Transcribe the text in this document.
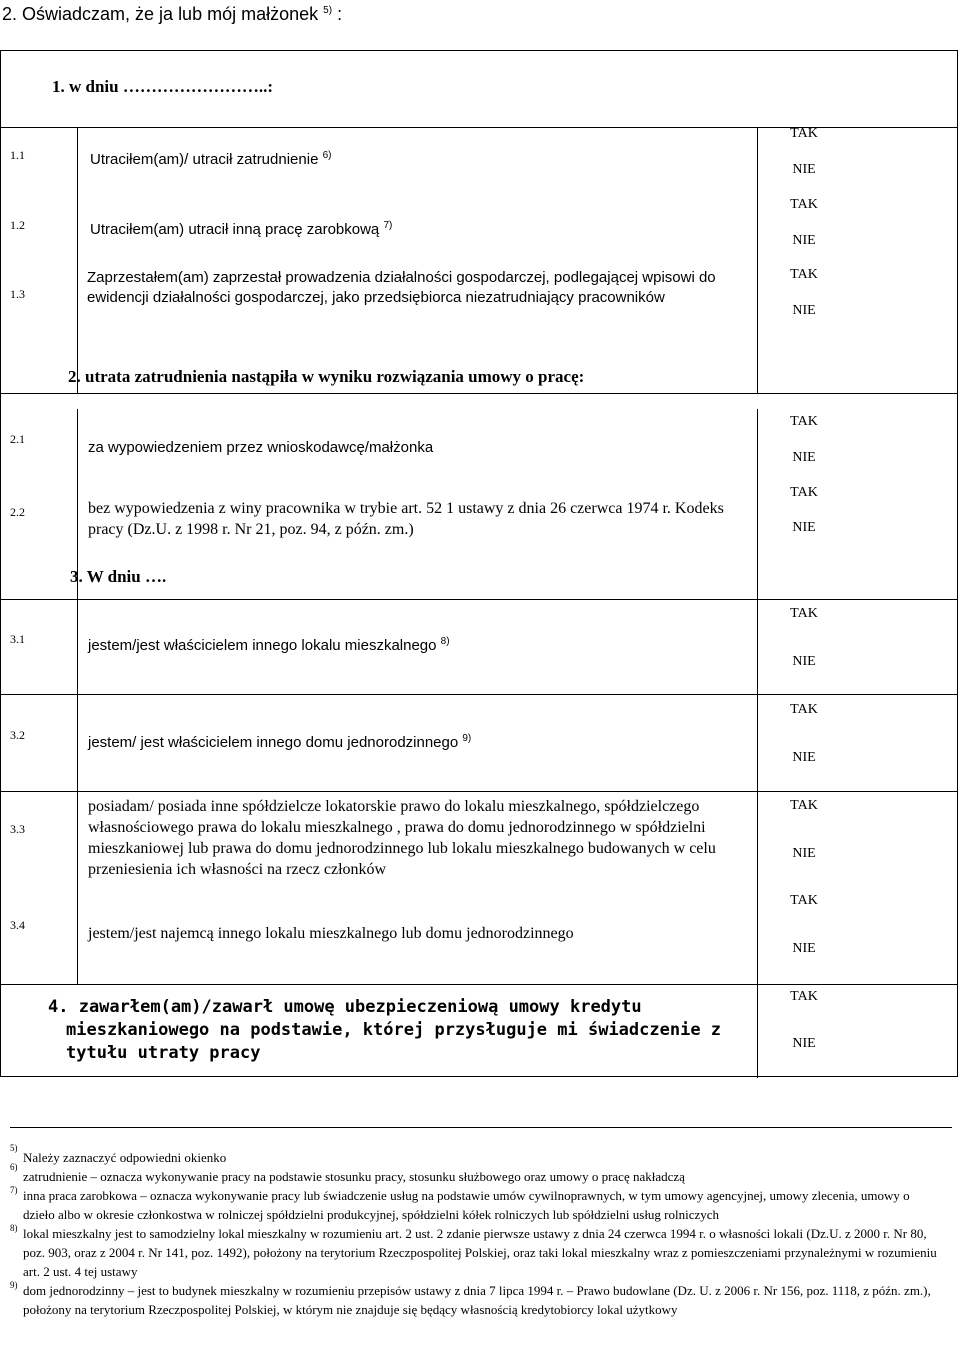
2. Oświadczam, że ja lub mój małżonek $^{5)}$ :
1. w dniu ……………………..:
1.1	Utraciłem(am)/ utracił zatrudnienie $^{6)}$
TAK
NIE
1.2	Utraciłem(am) utracił inną pracę zarobkową $^{7)}$
TAK
NIE
1.3
Zaprzestałem(am) zaprzestał prowadzenia działalności gospodarczej, podlegającej wpisowi do ewidencji działalności gospodarczej, jako przedsiębiorca niezatrudniający pracowników
TAK
NIE
2. utrata zatrudnienia nastąpiła w wyniku rozwiązania umowy o pracę:
2.1	za wypowiedzeniem przez wnioskodawcę/małżonka
TAK
NIE
2.2	bez wypowiedzenia z winy pracownika w trybie art. 52 1 ustawy z dnia 26 czerwca 1974 r. Kodeks pracy (Dz.U. z 1998 r. Nr 21, poz. 94, z późn. zm.)
TAK
NIE
3. W dniu ….
3.1	jestem/jest właścicielem innego lokalu mieszkalnego $^{8)}$
TAK
NIE
3.2	jestem/ jest właścicielem innego domu jednorodzinnego $^{9)}$
TAK
NIE
3.3
posiadam/ posiada inne spółdzielcze lokatorskie prawo do lokalu mieszkalnego, spółdzielczego własnościowego prawa do lokalu mieszkalnego , prawa do domu jednorodzinnego w spółdzielni mieszkaniowej lub prawa do domu jednorodzinnego lub lokalu mieszkalnego budowanych w celu przeniesienia ich własności na rzecz członków
TAK
NIE
3.4	jestem/jest najemcą innego lokalu mieszkalnego lub domu jednorodzinnego
TAK
NIE
4. zawarłem(am)/zawarł umowę ubezpieczeniową umowy kredytu mieszkaniowego na podstawie, której przysługuje mi świadczenie z tytułu utraty pracy
TAK
NIE
5)
Należy zaznaczyć odpowiedni okienko
6)
zatrudnienie – oznacza wykonywanie pracy na podstawie stosunku pracy, stosunku służbowego oraz umowy o pracę nakładczą
7) inna praca zarobkowa – oznacza wykonywanie pracy lub świadczenie usług na podstawie umów cywilnoprawnych, w tym umowy agencyjnej, umowy zlecenia, umowy o dzieło albo w okresie członkostwa w rolniczej spółdzielni produkcyjnej, spółdzielni kółek rolniczych lub spółdzielni usług rolniczych
8) lokal mieszkalny jest to samodzielny lokal mieszkalny w rozumieniu art. 2 ust. 2 zdanie pierwsze ustawy z dnia 24 czerwca 1994 r. o własności lokali (Dz.U. z 2000 r. Nr 80, poz. 903, oraz z 2004 r. Nr 141, poz. 1492), położony na terytorium Rzeczpospolitej Polskiej, oraz taki lokal mieszkalny wraz z pomieszczeniami przynależnymi w rozumieniu art. 2 ust. 4 tej ustawy
9) dom jednorodzinny – jest to budynek mieszkalny w rozumieniu przepisów ustawy z dnia 7 lipca 1994 r. – Prawo budowlane (Dz. U. z 2006 r. Nr 156, poz. 1118, z późn. zm.), położony na terytorium Rzeczpospolitej Polskiej, w którym nie znajduje się będący własnością kredytobiorcy lokal użytkowy
